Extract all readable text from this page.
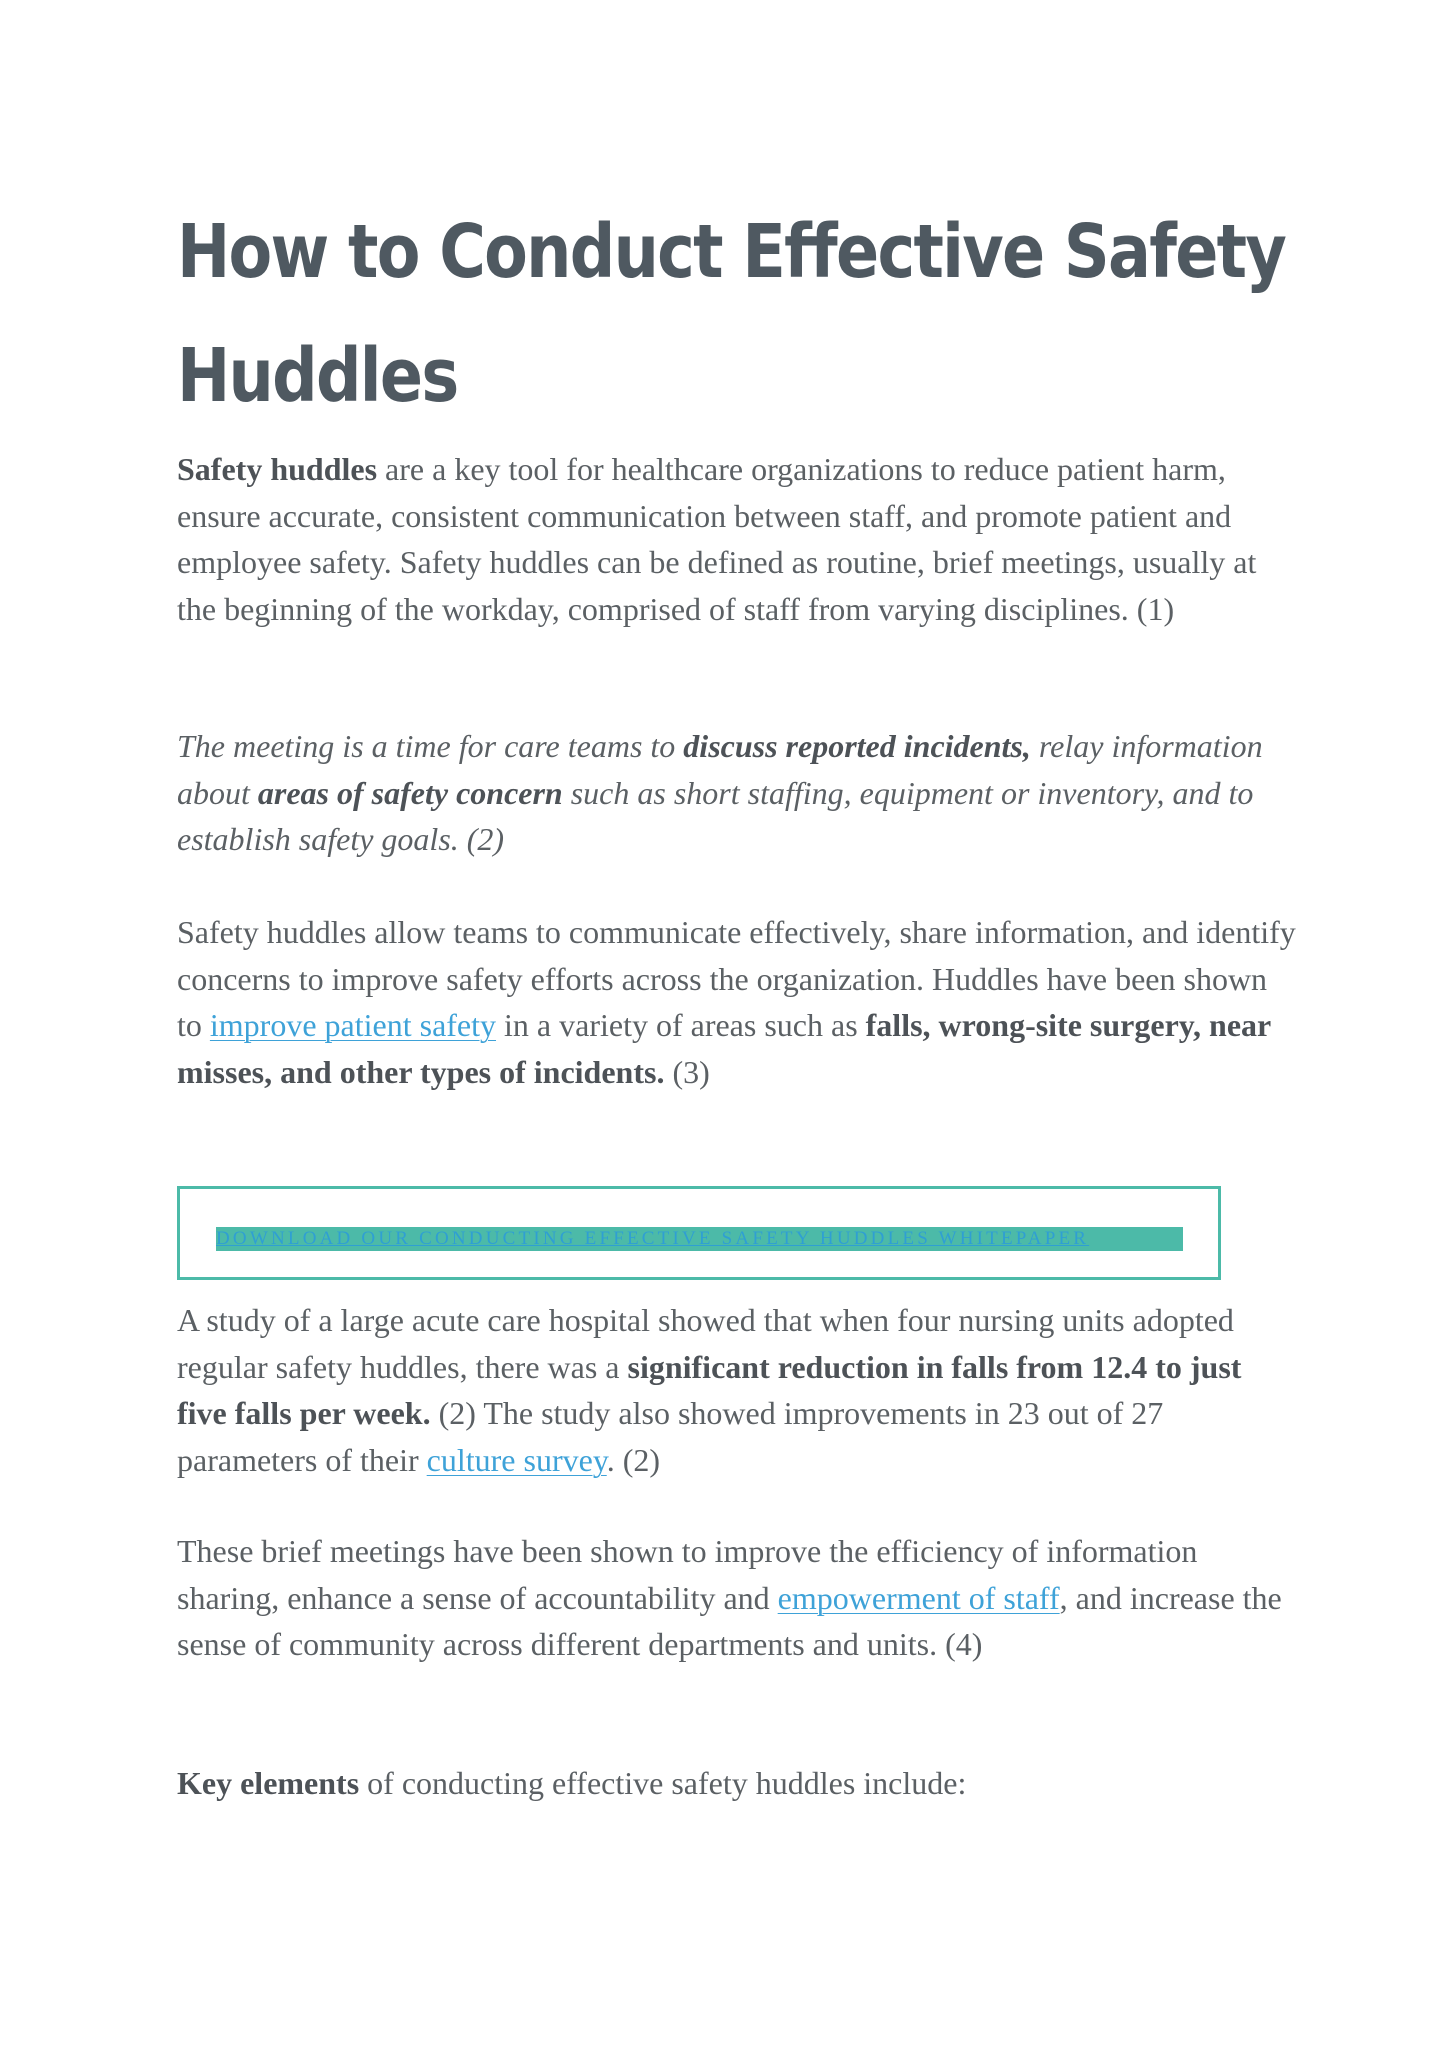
How to Conduct Effective Safety
Huddles

Safety huddles are a key tool for healthcare organizations to reduce patient harm, ensure accurate, consistent communication between staff, and promote patient and employee safety. Safety huddles can be defined as routine, brief meetings, usually at the beginning of the workday, comprised of staff from varying disciplines. (1)

The meeting is a time for care teams to discuss reported incidents, relay information about areas of safety concern such as short staffing, equipment or inventory, and to establish safety goals. (2)

Safety huddles allow teams to communicate effectively, share information, and identify concerns to improve safety efforts across the organization. Huddles have been shown to improve patient safety in a variety of areas such as falls, wrong-site surgery, near misses, and other types of incidents. (3)

DOWNLOAD OUR CONDUCTING EFFECTIVE SAFETY HUDDLES WHITEPAPER

A study of a large acute care hospital showed that when four nursing units adopted regular safety huddles, there was a significant reduction in falls from 12.4 to just five falls per week. (2) The study also showed improvements in 23 out of 27 parameters of their culture survey. (2)

These brief meetings have been shown to improve the efficiency of information sharing, enhance a sense of accountability and empowerment of staff, and increase the sense of community across different departments and units. (4)

Key elements of conducting effective safety huddles include:
